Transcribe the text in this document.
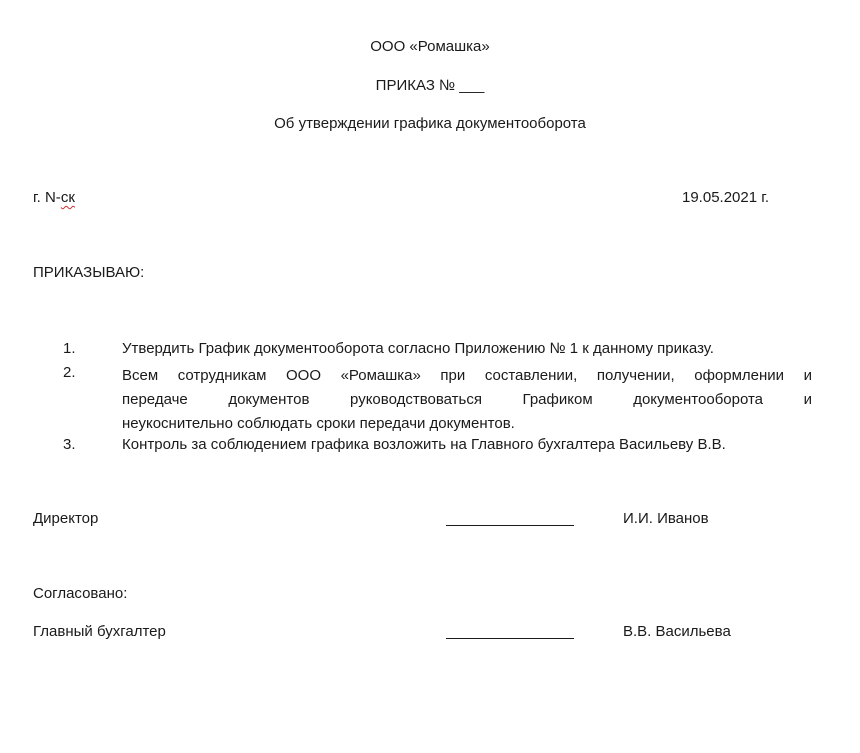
ООО «Ромашка»
ПРИКАЗ № ___
Об утверждении графика документооборота
г. N-ск	19.05.2021 г.
ПРИКАЗЫВАЮ:
1.	Утвердить График документооборота согласно Приложению № 1 к данному приказу.
2.	Всем сотрудникам ООО «Ромашка» при составлении, получении, оформлении и
передаче документов руководствоваться Графиком документооборота и
неукоснительно соблюдать сроки передачи документов.
3.	Контроль за соблюдением графика возложить на Главного бухгалтера Васильеву В.В.
Директор	И.И. Иванов
Согласовано:
Главный бухгалтер	В.В. Васильева
